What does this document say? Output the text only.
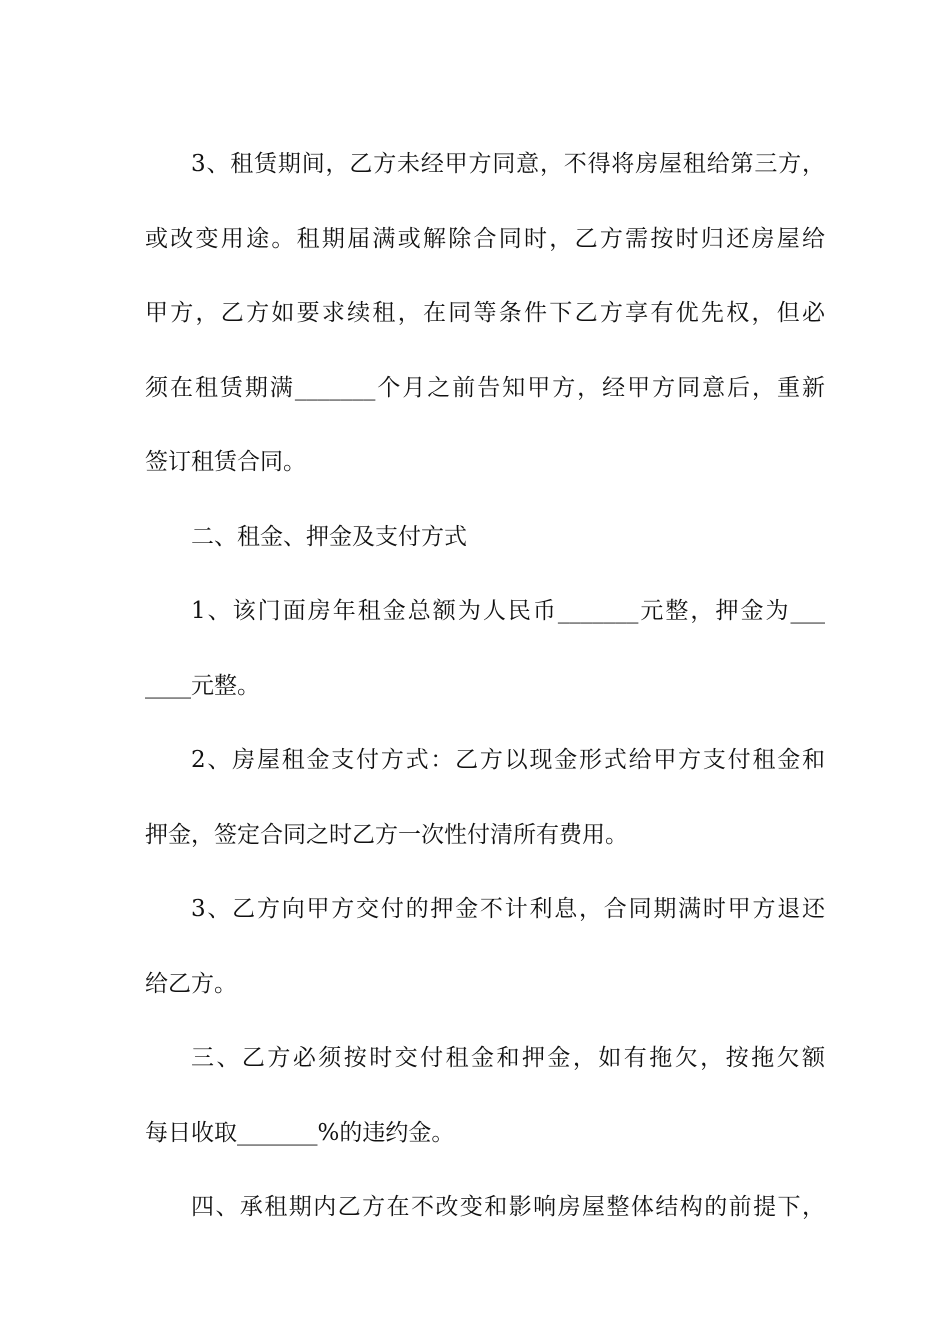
3、租赁期间，乙方未经甲方同意，不得将房屋租给第三方，
或改变用途。租期届满或解除合同时，乙方需按时归还房屋给
甲方，乙方如要求续租，在同等条件下乙方享有优先权，但必
须在租赁期满_______个月之前告知甲方，经甲方同意后，重新
签订租赁合同。
二、租金、押金及支付方式
1、该门面房年租金总额为人民币_______元整，押金为___
____元整。
2、房屋租金支付方式：乙方以现金形式给甲方支付租金和
押金，签定合同之时乙方一次性付清所有费用。
3、乙方向甲方交付的押金不计利息，合同期满时甲方退还
给乙方。
三、乙方必须按时交付租金和押金，如有拖欠，按拖欠额
每日收取_______%的违约金。
四、承租期内乙方在不改变和影响房屋整体结构的前提下，
